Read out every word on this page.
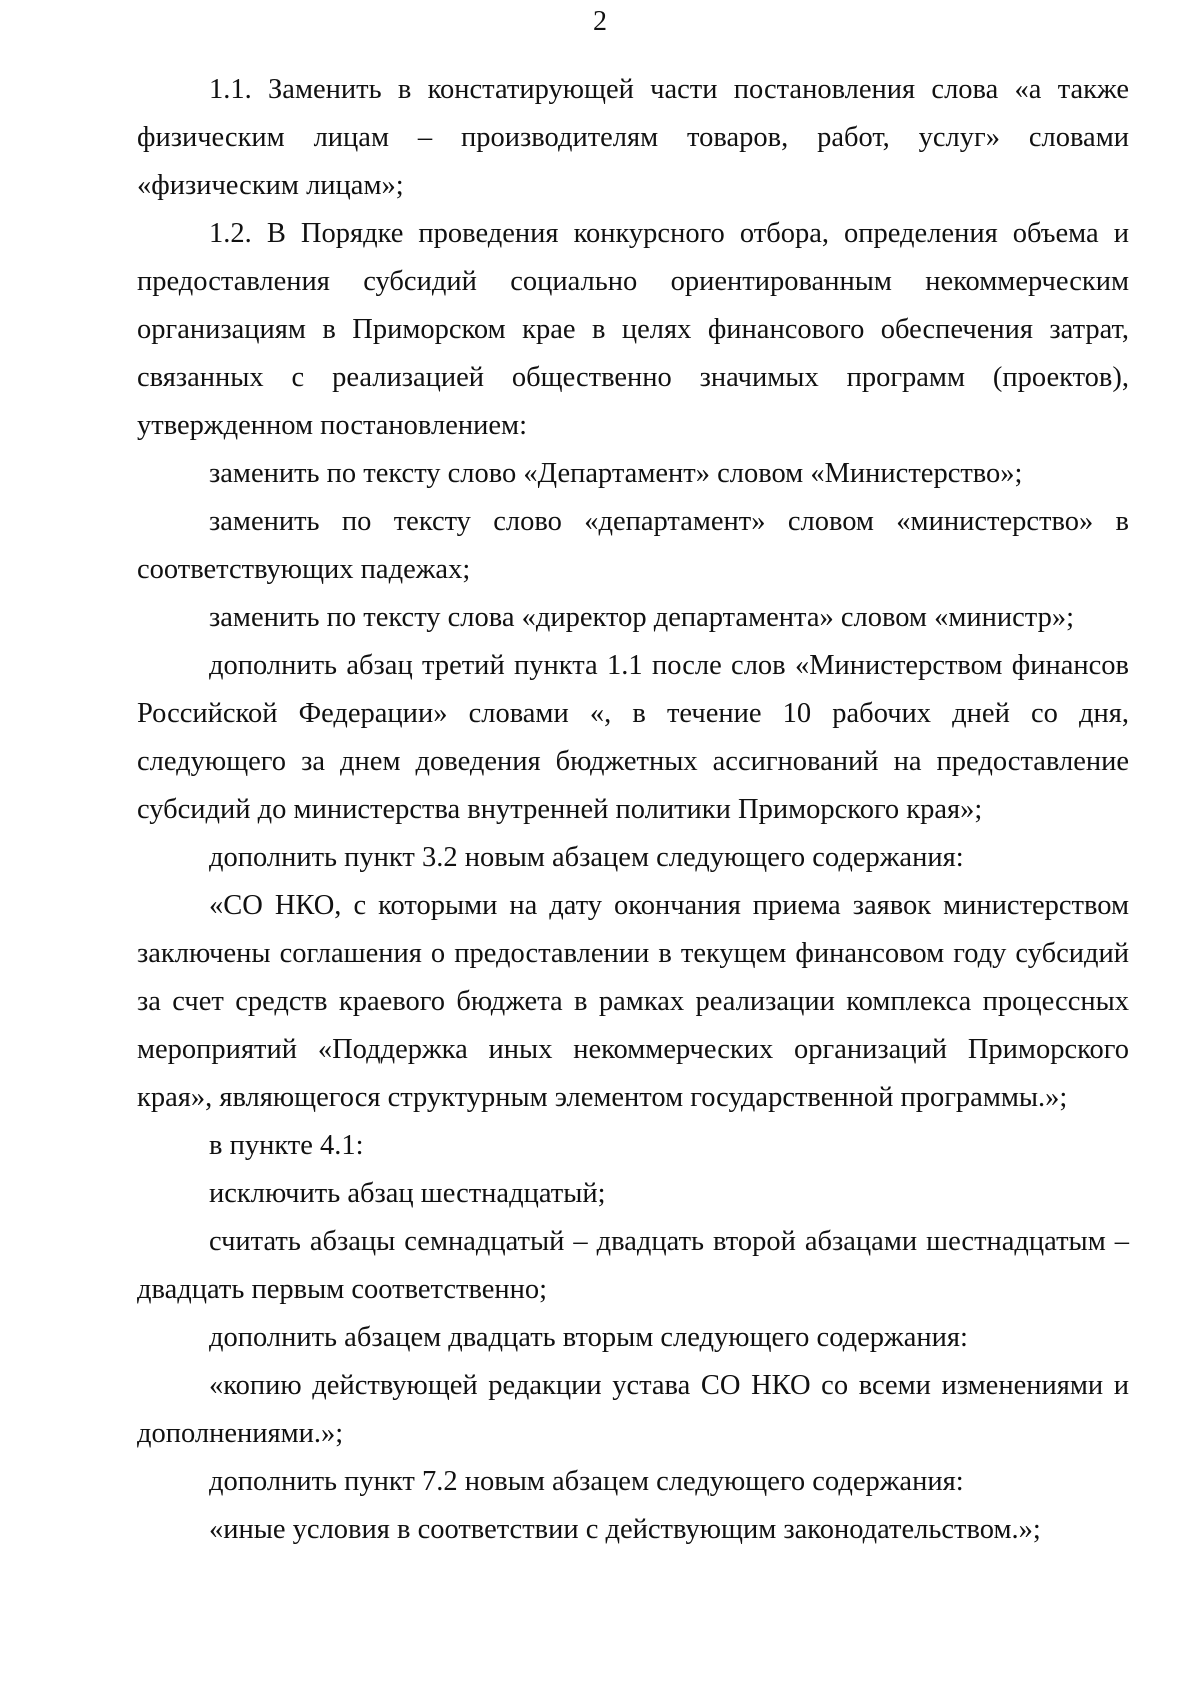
2

1.1. Заменить в констатирующей части постановления слова «а также физическим лицам – производителям товаров, работ, услуг» словами «физическим лицам»;

1.2. В Порядке проведения конкурсного отбора, определения объема и предоставления субсидий социально ориентированным некоммерческим организациям в Приморском крае в целях финансового обеспечения затрат, связанных с реализацией общественно значимых программ (проектов), утвержденном постановлением:

заменить по тексту слово «Департамент» словом «Министерство»;

заменить по тексту слово «департамент» словом «министерство» в соответствующих падежах;

заменить по тексту слова «директор департамента» словом «министр»;

дополнить абзац третий пункта 1.1 после слов «Министерством финансов Российской Федерации» словами «, в течение 10 рабочих дней со дня, следующего за днем доведения бюджетных ассигнований на предоставление субсидий до министерства внутренней политики Приморского края»;

дополнить пункт 3.2 новым абзацем следующего содержания:

«СО НКО, с которыми на дату окончания приема заявок министерством заключены соглашения о предоставлении в текущем финансовом году субсидий за счет средств краевого бюджета в рамках реализации комплекса процессных мероприятий «Поддержка иных некоммерческих организаций Приморского края», являющегося структурным элементом государственной программы.»;

в пункте 4.1:

исключить абзац шестнадцатый;

считать абзацы семнадцатый – двадцать второй абзацами шестнадцатым – двадцать первым соответственно;

дополнить абзацем двадцать вторым следующего содержания:

«копию действующей редакции устава СО НКО со всеми изменениями и дополнениями.»;

дополнить пункт 7.2 новым абзацем следующего содержания:

«иные условия в соответствии с действующим законодательством.»;
